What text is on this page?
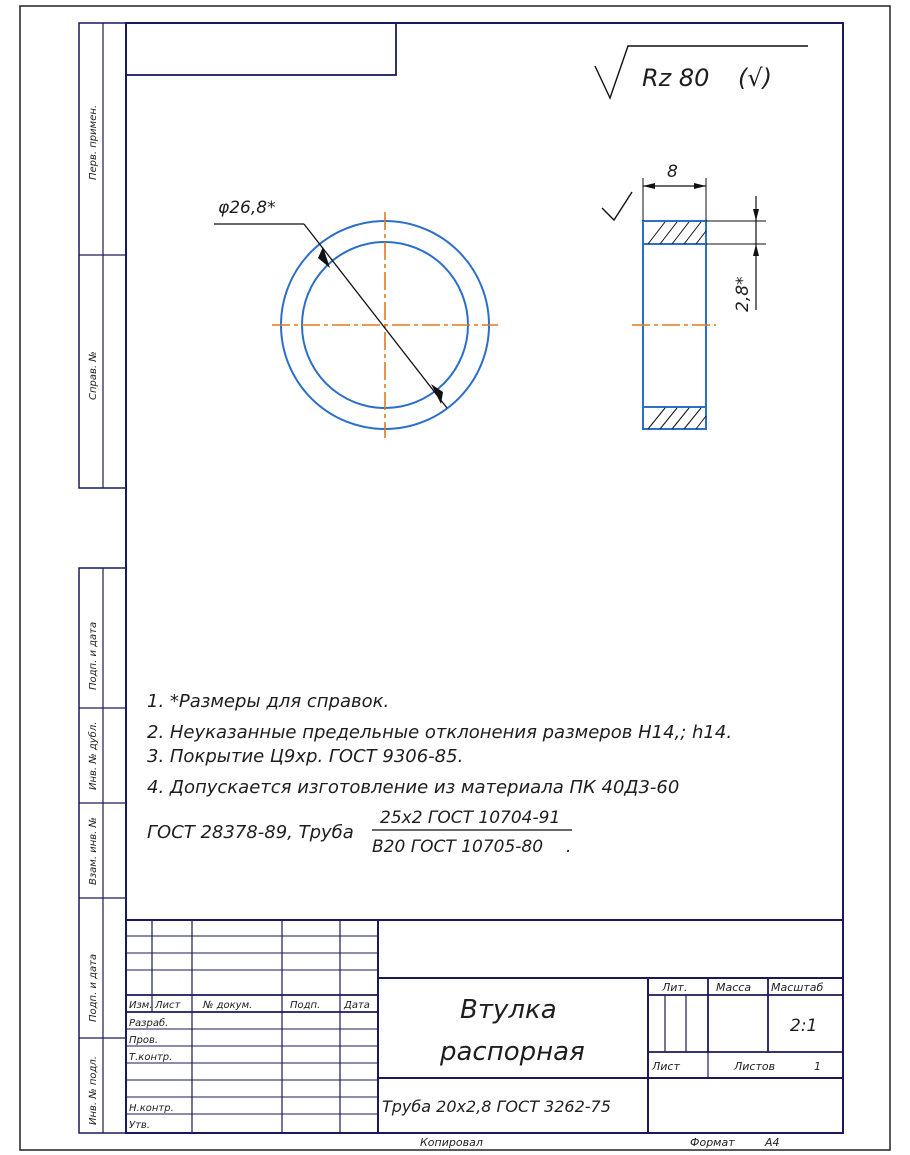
Перв. примен.
Справ. №
Подп. и дата
Инв. № дубл.
Взам. инв. №
Подп. и дата
Инв. № подл.
Rz 80 (√)
φ26,8*
8
2,8*
1. *Размеры для справок.
2. Неуказанные предельные отклонения размеров H14,; h14.
3. Покрытие Ц9хр. ГОСТ 9306-85.
4. Допускается изготовление из материала ПК 40Д3-60
ГОСТ 28378-89, Труба
25х2 ГОСТ 10704-91
В20 ГОСТ 10705-80 .
Изм. Лист № докум.	Подп. Дата
Разраб.
Пров.
Т.контр.
Н.контр.
Утв.
Втулка
распорная
Труба 20х2,8 ГОСТ 3262-75
Лит.	Масса Масштаб
2:1
Лист	Листов	1
Копировал	Формат	A4
